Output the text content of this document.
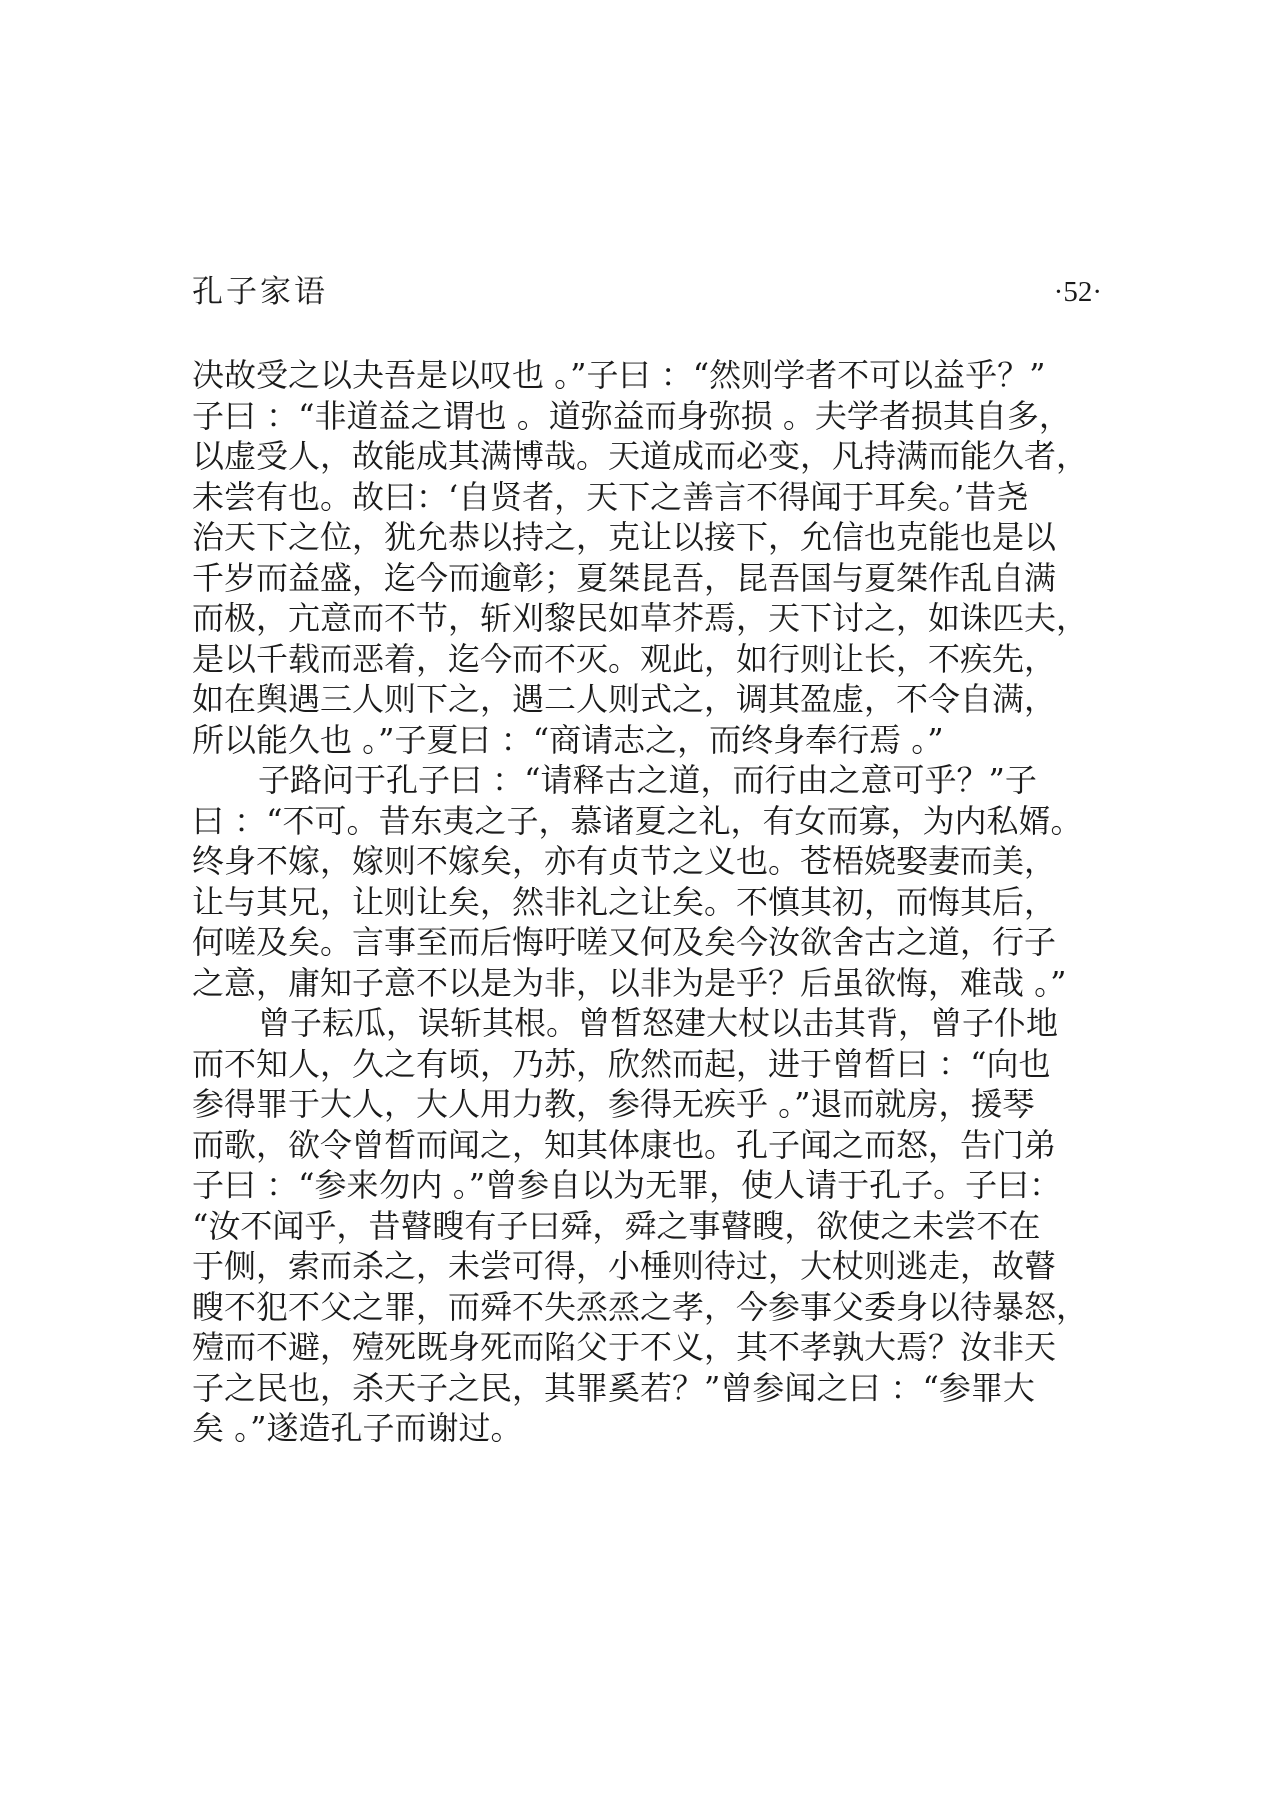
孔子家语	·52·
决故受之以夬吾是以叹也 。”子曰 ：“然则学者不可以益乎？”
子曰 ：“非道益之谓也 。道弥益而身弥损 。夫学者损其自多，
以虚受人，故能成其满博哉。天道成而必变，凡持满而能久者，
未尝有也。故曰：‘自贤者，天下之善言不得闻于耳矣。’昔尧
治天下之位，犹允恭以持之，克让以接下，允信也克能也是以
千岁而益盛，迄今而逾彰；夏桀昆吾，昆吾国与夏桀作乱自满
而极，亢意而不节，斩刈黎民如草芥焉，天下讨之，如诛匹夫，
是以千载而恶着，迄今而不灭。观此，如行则让长，不疾先，
如在舆遇三人则下之，遇二人则式之，调其盈虚，不令自满，
所以能久也 。”子夏曰 ：“商请志之，而终身奉行焉 。”
子路问于孔子曰 ：“请释古之道，而行由之意可乎？”子
曰 ：“不可。昔东夷之子，慕诸夏之礼，有女而寡，为内私婿。
终身不嫁，嫁则不嫁矣，亦有贞节之义也。苍梧娆娶妻而美，
让与其兄，让则让矣，然非礼之让矣。不慎其初，而悔其后，
何嗟及矣。言事至而后悔吁嗟又何及矣今汝欲舍古之道，行子
之意，庸知子意不以是为非，以非为是乎？后虽欲悔，难哉 。”
曾子耘瓜，误斩其根。曾晳怒建大杖以击其背，曾子仆地
而不知人，久之有顷，乃苏，欣然而起，进于曾晳曰 ：“向也
参得罪于大人，大人用力教，参得无疾乎 。”退而就房，援琴
而歌，欲令曾晳而闻之，知其体康也。孔子闻之而怒，告门弟
子曰 ：“参来勿内 。”曾参自以为无罪，使人请于孔子。子曰：
“汝不闻乎，昔瞽瞍有子曰舜，舜之事瞽瞍，欲使之未尝不在
于侧，索而杀之，未尝可得，小棰则待过，大杖则逃走，故瞽
瞍不犯不父之罪，而舜不失烝烝之孝，今参事父委身以待暴怒，
殪而不避，殪死既身死而陷父于不义，其不孝孰大焉？汝非天
子之民也，杀天子之民，其罪奚若？”曾参闻之曰 ：“参罪大
矣 。”遂造孔子而谢过。
